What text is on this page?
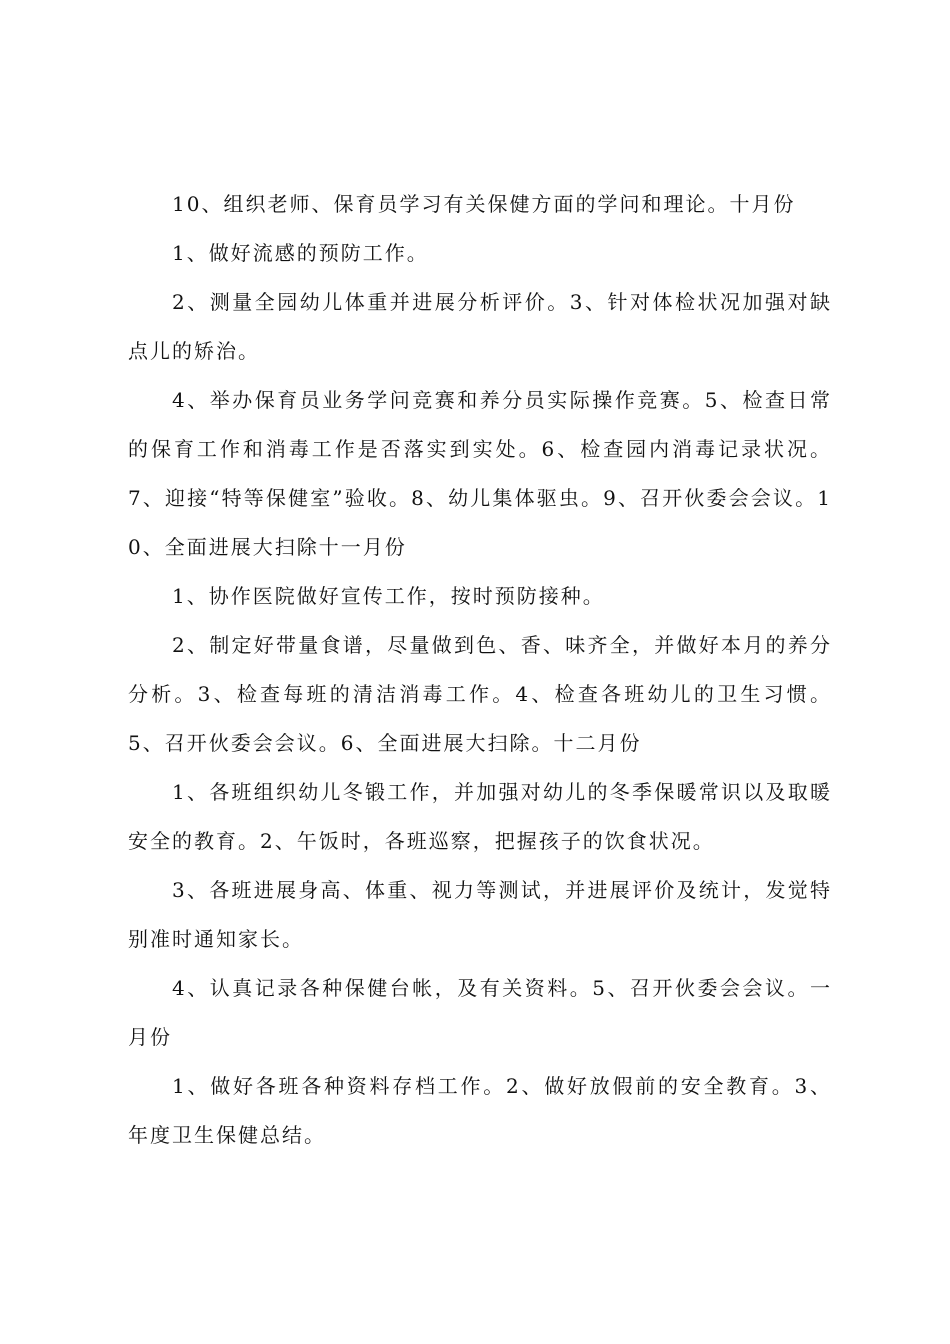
10、组织老师、保育员学习有关保健方面的学问和理论。十月份

1、做好流感的预防工作。

2、测量全园幼儿体重并进展分析评价。3、针对体检状况加强对缺点儿的矫治。

4、举办保育员业务学问竞赛和养分员实际操作竞赛。5、检查日常的保育工作和消毒工作是否落实到实处。6、检查园内消毒记录状况。7、迎接“特等保健室”验收。8、幼儿集体驱虫。9、召开伙委会会议。10、全面进展大扫除十一月份

1、协作医院做好宣传工作，按时预防接种。

2、制定好带量食谱，尽量做到色、香、味齐全，并做好本月的养分分析。3、检查每班的清洁消毒工作。4、检查各班幼儿的卫生习惯。5、召开伙委会会议。6、全面进展大扫除。十二月份

1、各班组织幼儿冬锻工作，并加强对幼儿的冬季保暖常识以及取暖安全的教育。2、午饭时，各班巡察，把握孩子的饮食状况。

3、各班进展身高、体重、视力等测试，并进展评价及统计，发觉特别准时通知家长。

4、认真记录各种保健台帐，及有关资料。5、召开伙委会会议。一月份

1、做好各班各种资料存档工作。2、做好放假前的安全教育。3、年度卫生保健总结。
